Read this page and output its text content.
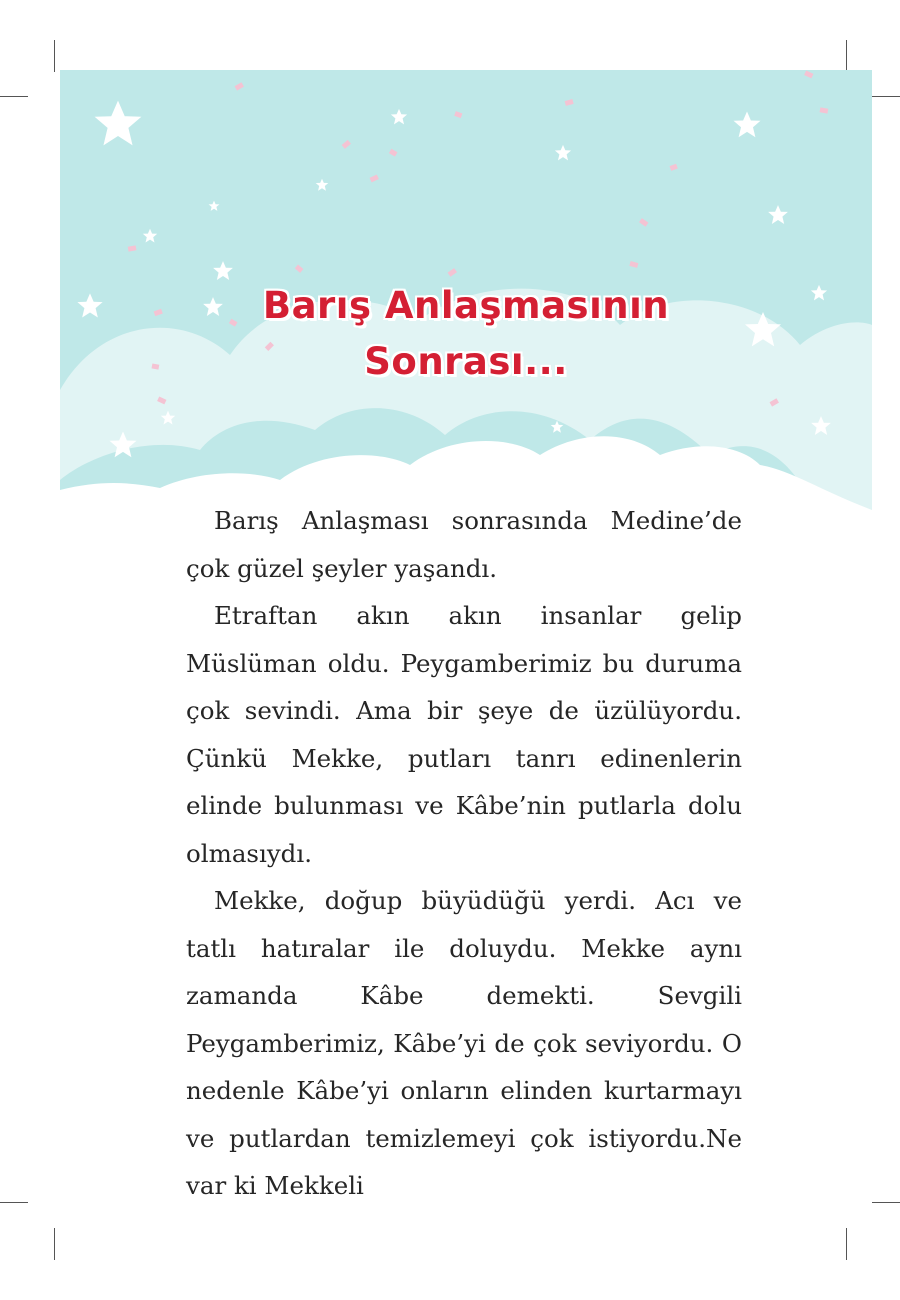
Barış Anlaşmasının
Sonrası...

Barış Anlaşması sonrasında Medine’de çok güzel şeyler yaşandı.

Etraftan akın akın insanlar gelip Müslüman oldu. Peygamberimiz bu duruma çok sevindi. Ama bir şeye de üzülüyordu. Çünkü Mekke, putları tanrı edinenlerin elinde bulunması ve Kâbe’nin putlarla dolu olmasıydı.

Mekke, doğup büyüdüğü yerdi. Acı ve tatlı hatıralar ile doluydu. Mekke aynı zamanda Kâbe demekti. Sevgili Peygamberimiz, Kâbe’yi de çok seviyordu. O nedenle Kâbe’yi onların elinden kurtarmayı ve putlardan temizlemeyi çok istiyordu.Ne var ki Mekkeli
